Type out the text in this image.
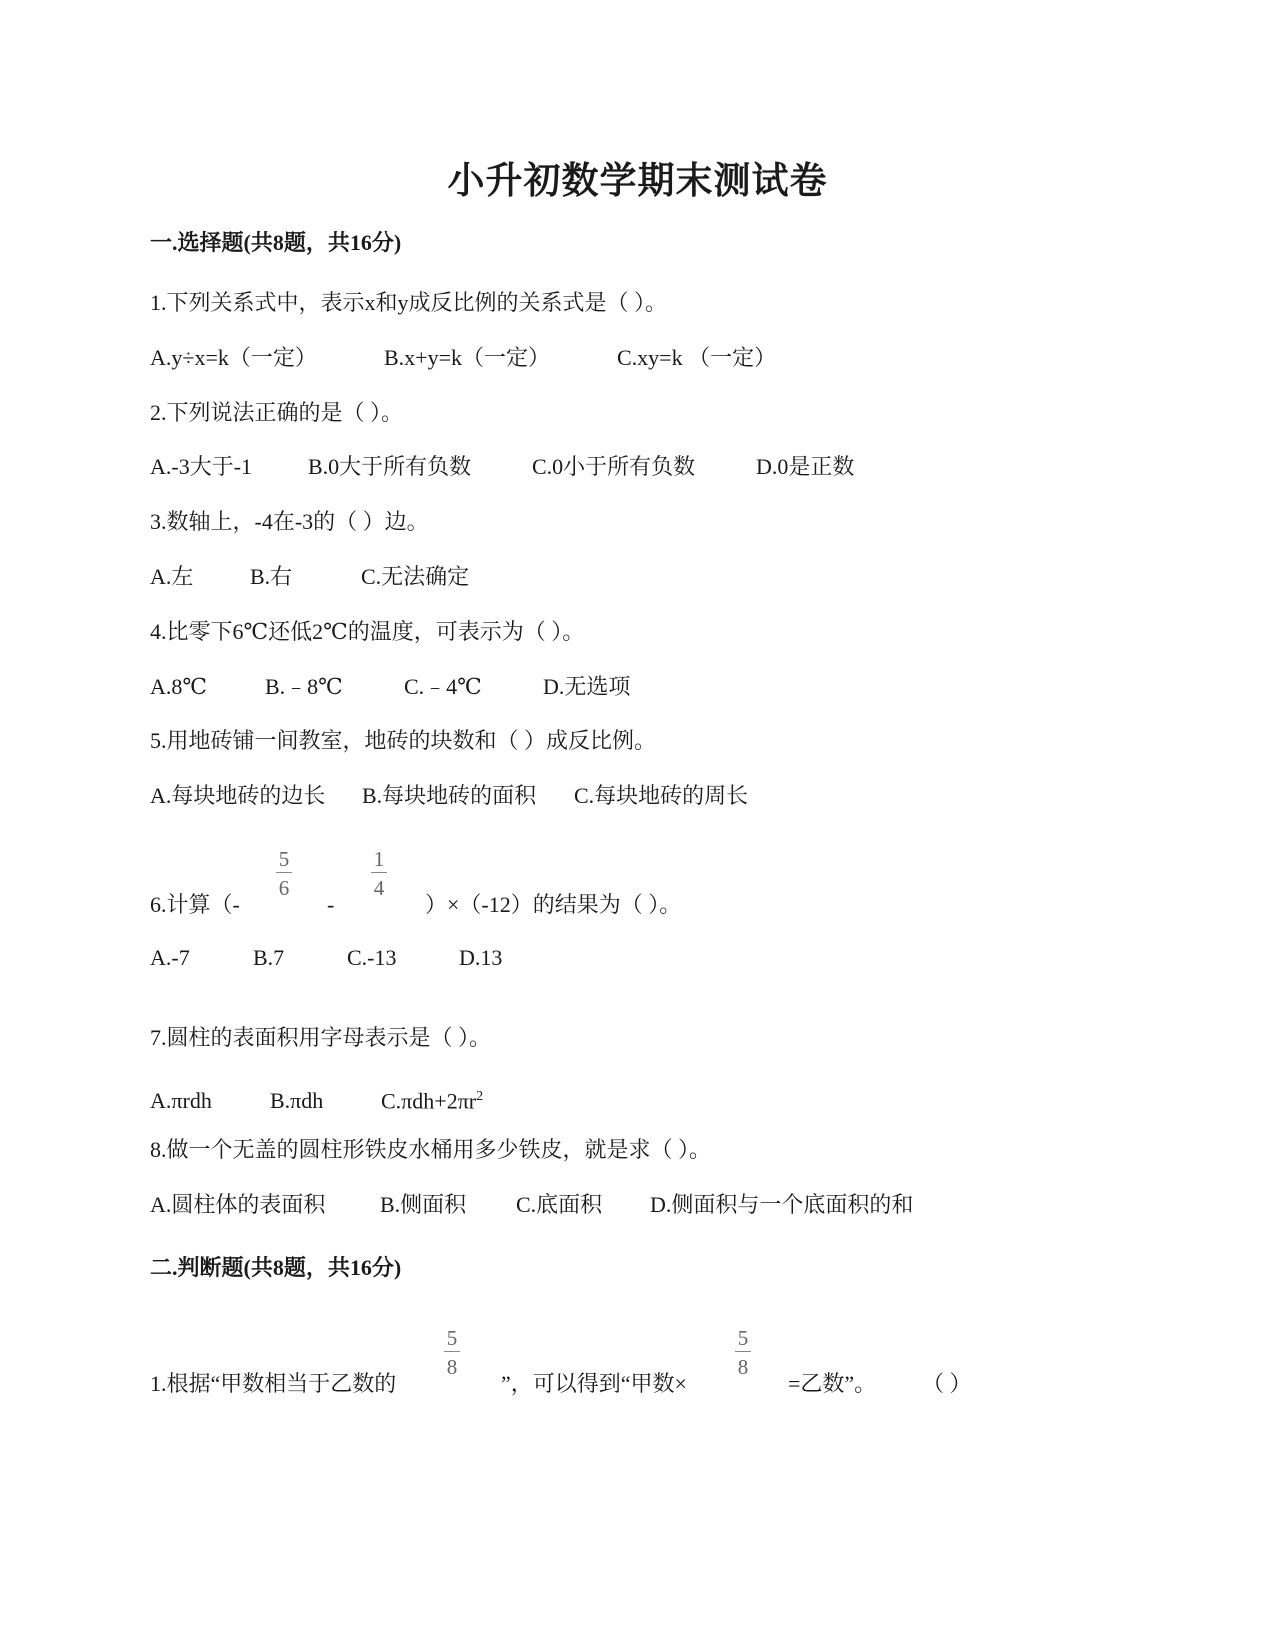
小升初数学期末测试卷
一.选择题(共8题，共16分)
1.下列关系式中，表示x和y成反比例的关系式是（ ）。
A.y÷x=k（一定）	B.x+y=k（一定）	C.xy=k （一定）
2.下列说法正确的是（ ）。
A.-3大于-1	B.0大于所有负数	C.0小于所有负数	D.0是正数
3.数轴上，-4在-3的（ ）边。
A.左	B.右	C.无法确定
4.比零下6℃还低2℃的温度，可表示为（ ）。
A.8℃	B.﹣8℃	C.﹣4℃	D.无选项
5.用地砖铺一间教室，地砖的块数和（ ）成反比例。
A.每块地砖的边长 B.每块地砖的面积 C.每块地砖的周长
6.计算（-
5
6
-
1
4
）×（-12）的结果为（ ）。
A.-7	B.7	C.-13	D.13
7.圆柱的表面积用字母表示是（ ）。
A.πrdh	B.πdh	$C.\pi dh+2\pi r^2$
8.做一个无盖的圆柱形铁皮水桶用多少铁皮，就是求（ ）。
A.圆柱体的表面积 B.侧面积 C.底面积 D.侧面积与一个底面积的和
二.判断题(共8题，共16分)
1.根据“甲数相当于乙数的
5
8
”，可以得到“甲数×
5
8
=乙数”。 （ ）
